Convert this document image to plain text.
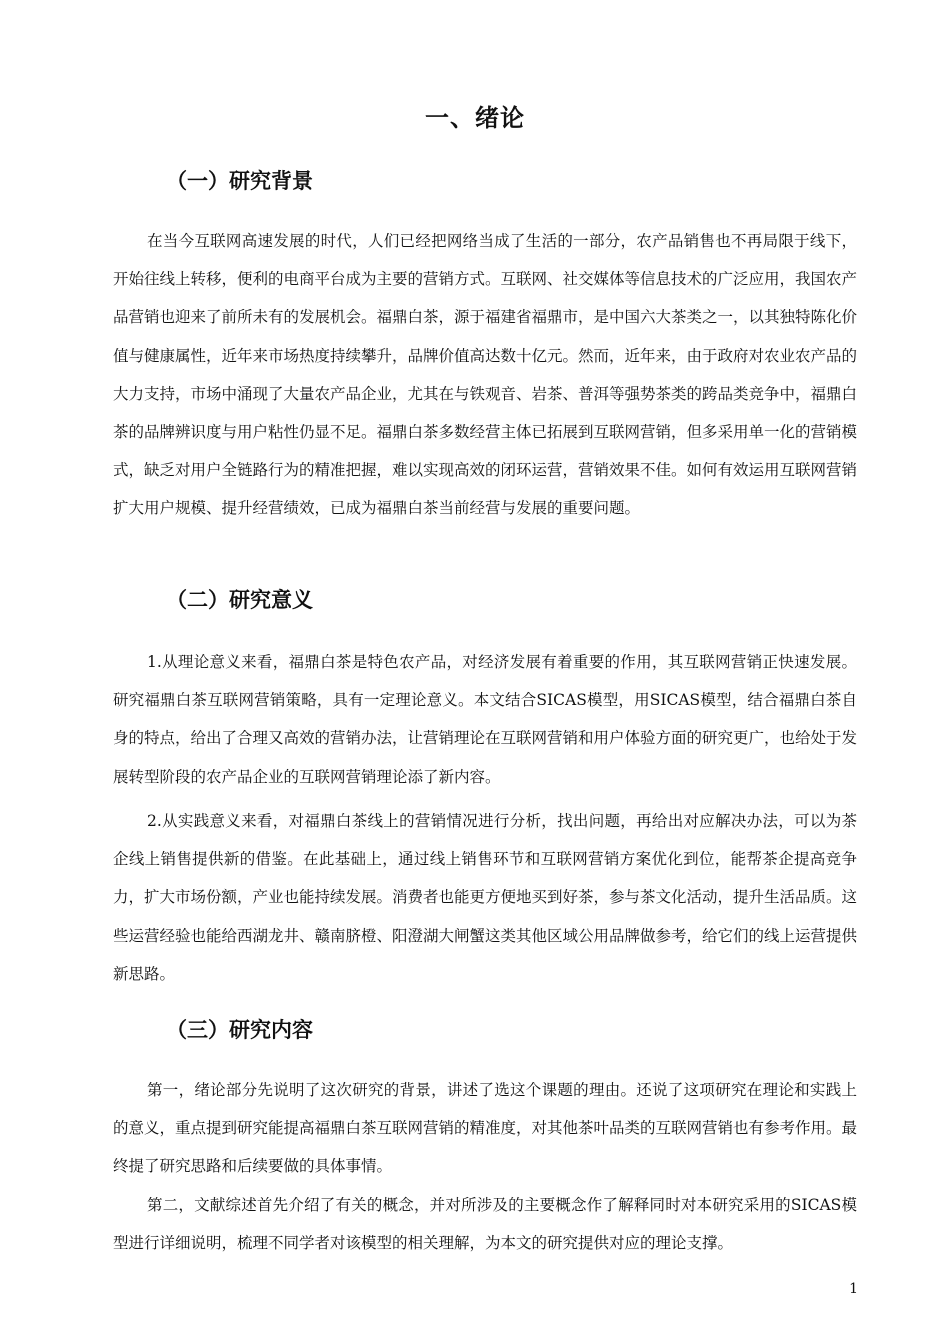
一、绪论
（一）研究背景

在当今互联网高速发展的时代，人们已经把网络当成了生活的一部分，农产品销售也不再局限于线下，开始往线上转移，便利的电商平台成为主要的营销方式。互联网、社交媒体等信息技术的广泛应用，我国农产品营销也迎来了前所未有的发展机会。福鼎白茶，源于福建省福鼎市，是中国六大茶类之一，以其独特陈化价值与健康属性，近年来市场热度持续攀升，品牌价值高达数十亿元。然而，近年来，由于政府对农业农产品的大力支持，市场中涌现了大量农产品企业，尤其在与铁观音、岩茶、普洱等强势茶类的跨品类竞争中，福鼎白茶的品牌辨识度与用户粘性仍显不足。福鼎白茶多数经营主体已拓展到互联网营销，但多采用单一化的营销模式，缺乏对用户全链路行为的精准把握，难以实现高效的闭环运营，营销效果不佳。如何有效运用互联网营销扩大用户规模、提升经营绩效，已成为福鼎白茶当前经营与发展的重要问题。

（二）研究意义

1.从理论意义来看，福鼎白茶是特色农产品，对经济发展有着重要的作用，其互联网营销正快速发展。研究福鼎白茶互联网营销策略，具有一定理论意义。本文结合SICAS模型，用SICAS模型，结合福鼎白茶自身的特点，给出了合理又高效的营销办法，让营销理论在互联网营销和用户体验方面的研究更广，也给处于发展转型阶段的农产品企业的互联网营销理论添了新内容。

2.从实践意义来看，对福鼎白茶线上的营销情况进行分析，找出问题，再给出对应解决办法，可以为茶企线上销售提供新的借鉴。在此基础上，通过线上销售环节和互联网营销方案优化到位，能帮茶企提高竞争力，扩大市场份额，产业也能持续发展。消费者也能更方便地买到好茶，参与茶文化活动，提升生活品质。这些运营经验也能给西湖龙井、赣南脐橙、阳澄湖大闸蟹这类其他区域公用品牌做参考，给它们的线上运营提供新思路。

（三）研究内容

第一，绪论部分先说明了这次研究的背景，讲述了选这个课题的理由。还说了这项研究在理论和实践上的意义，重点提到研究能提高福鼎白茶互联网营销的精准度，对其他茶叶品类的互联网营销也有参考作用。最终提了研究思路和后续要做的具体事情。

第二，文献综述首先介绍了有关的概念，并对所涉及的主要概念作了解释同时对本研究采用的SICAS模型进行详细说明，梳理不同学者对该模型的相关理解，为本文的研究提供对应的理论支撑。

1
